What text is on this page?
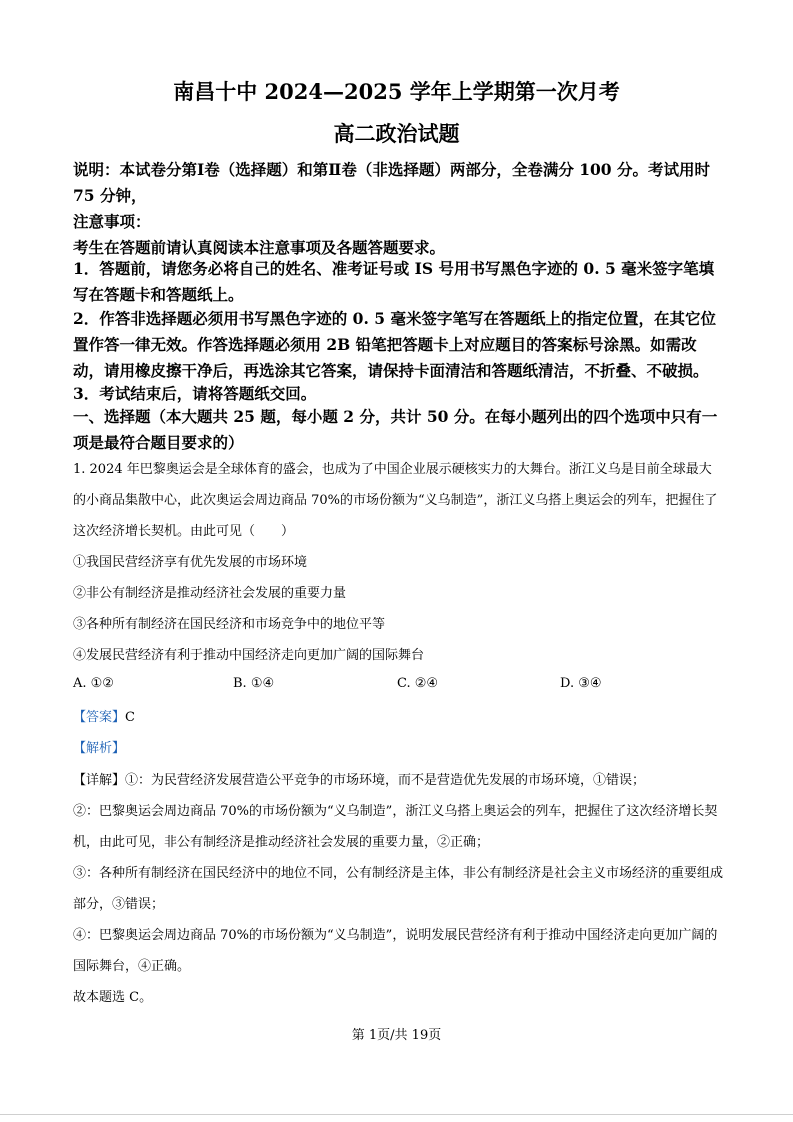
南昌十中 2024—2025 学年上学期第一次月考
高二政治试题
说明：本试卷分第Ⅰ卷（选择题）和第Ⅱ卷（非选择题）两部分，全卷满分 100 分。考试用时 75 分钟，
注意事项：
考生在答题前请认真阅读本注意事项及各题答题要求。
1．答题前，请您务必将自己的姓名、准考证号或 IS 号用书写黑色字迹的 0. 5 毫米签字笔填写在答题卡和答题纸上。
2．作答非选择题必须用书写黑色字迹的 0. 5 毫米签字笔写在答题纸上的指定位置，在其它位置作答一律无效。作答选择题必须用 2B 铅笔把答题卡上对应题目的答案标号涂黑。如需改动，请用橡皮擦干净后，再选涂其它答案，请保持卡面清洁和答题纸清洁，不折叠、不破损。
3．考试结束后，请将答题纸交回。
一、选择题（本大题共 25 题，每小题 2 分，共计 50 分。在每小题列出的四个选项中只有一项是最符合题目要求的）
1. 2024 年巴黎奥运会是全球体育的盛会，也成为了中国企业展示硬核实力的大舞台。浙江义乌是目前全球最大的小商品集散中心，此次奥运会周边商品 70%的市场份额为“义乌制造”，浙江义乌搭上奥运会的列车，把握住了这次经济增长契机。由此可见（　　）
①我国民营经济享有优先发展的市场环境
②非公有制经济是推动经济社会发展的重要力量
③各种所有制经济在国民经济和市场竞争中的地位平等
④发展民营经济有利于推动中国经济走向更加广阔的国际舞台
A. ①②	B. ①④	C. ②④	D. ③④
【答案】C
【解析】
【详解】①：为民营经济发展营造公平竞争的市场环境，而不是营造优先发展的市场环境，①错误；
②：巴黎奥运会周边商品 70%的市场份额为“义乌制造”，浙江义乌搭上奥运会的列车，把握住了这次经济增长契机，由此可见，非公有制经济是推动经济社会发展的重要力量，②正确；
③：各种所有制经济在国民经济中的地位不同，公有制经济是主体，非公有制经济是社会主义市场经济的重要组成部分，③错误；
④：巴黎奥运会周边商品 70%的市场份额为“义乌制造”，说明发展民营经济有利于推动中国经济走向更加广阔的国际舞台，④正确。
故本题选 C。
第 1页/共 19页
